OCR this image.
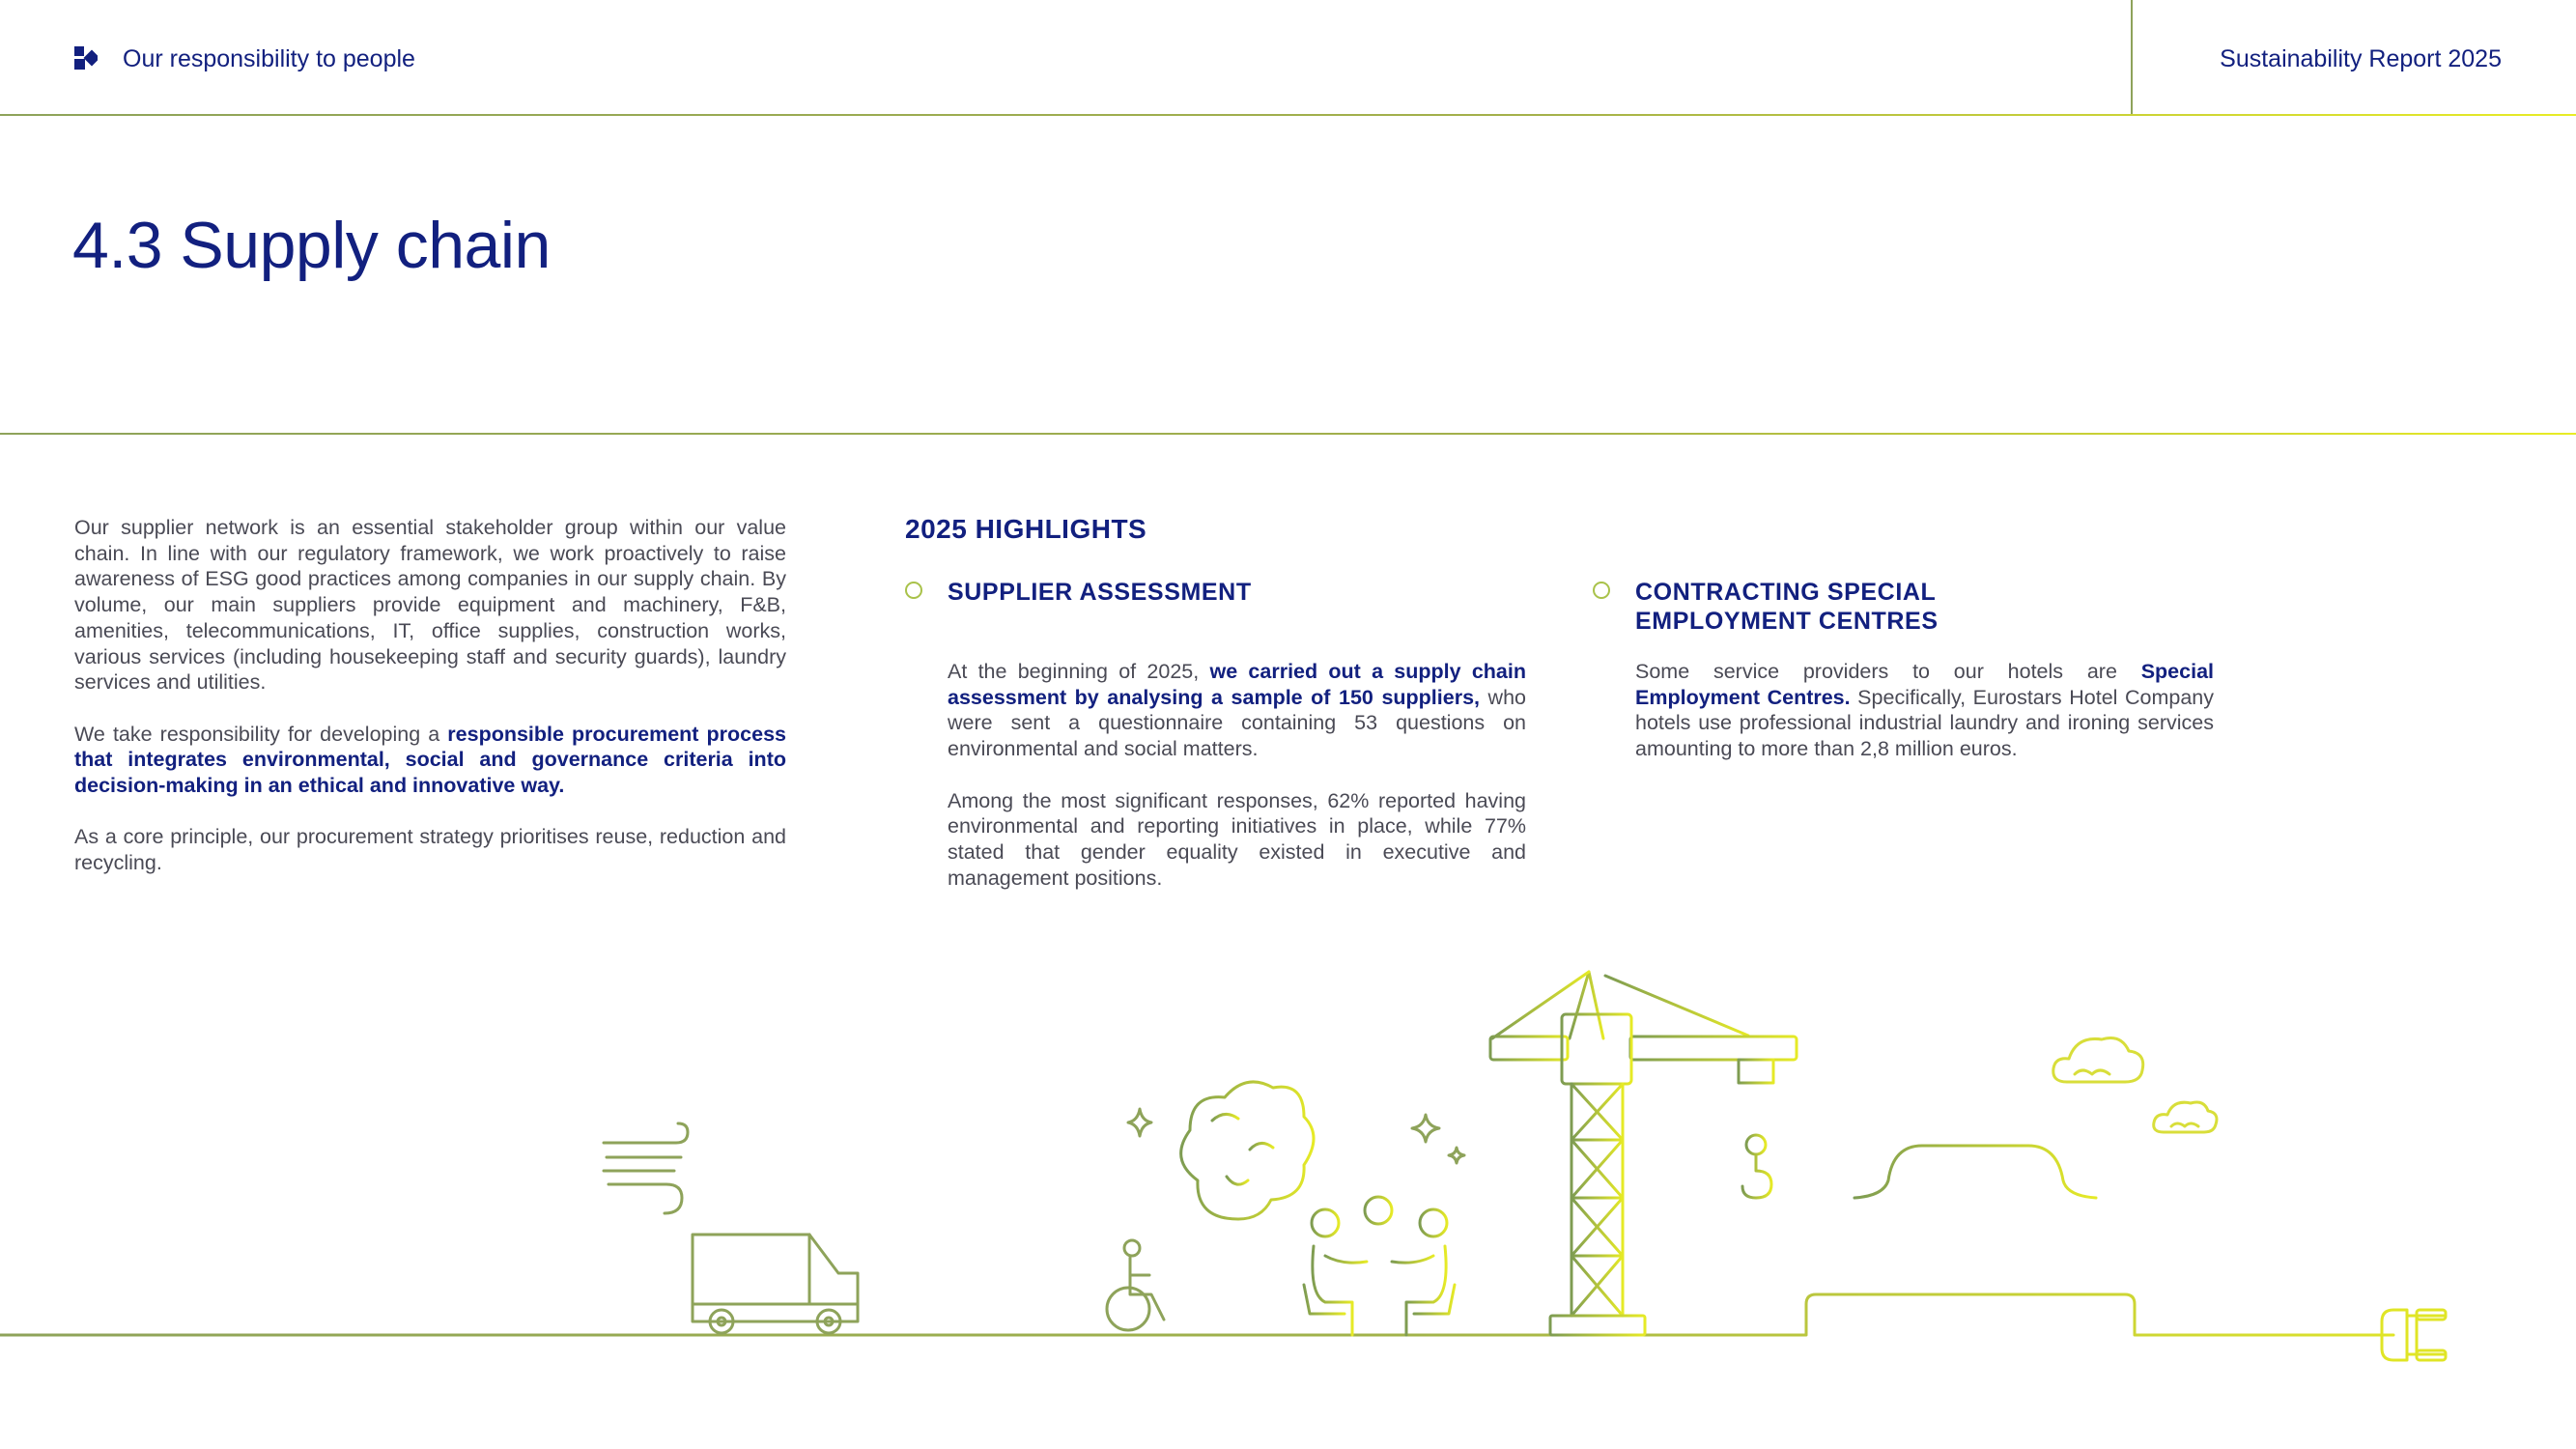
Our responsibility to people	Sustainability Report 2025
4.3 Supply chain

Our supplier network is an essential stakeholder group within our value chain. In line with our regulatory framework, we work proactively to raise awareness of ESG good practices among companies in our supply chain. By volume, our main suppliers provide equipment and machinery, F&B, amenities, telecommunications, IT, office supplies, construction works, various services (including housekeeping staff and security guards), laundry services and utilities.

We take responsibility for developing a responsible procurement process that integrates environmental, social and governance criteria into decision-making in an ethical and innovative way.

As a core principle, our procurement strategy prioritises reuse, reduction and recycling.

2025 HIGHLIGHTS
SUPPLIER ASSESSMENT

At the beginning of 2025, we carried out a supply chain assessment by analysing a sample of 150 suppliers, who were sent a questionnaire containing 53 questions on environmental and social matters.

Among the most significant responses, 62% reported having environmental and reporting initiatives in place, while 77% stated that gender equality existed in executive and management positions.

CONTRACTING SPECIAL
EMPLOYMENT CENTRES

Some service providers to our hotels are Special Employment Centres. Specifically, Eurostars Hotel Company hotels use professional industrial laundry and ironing services amounting to more than 2,8 million euros.
